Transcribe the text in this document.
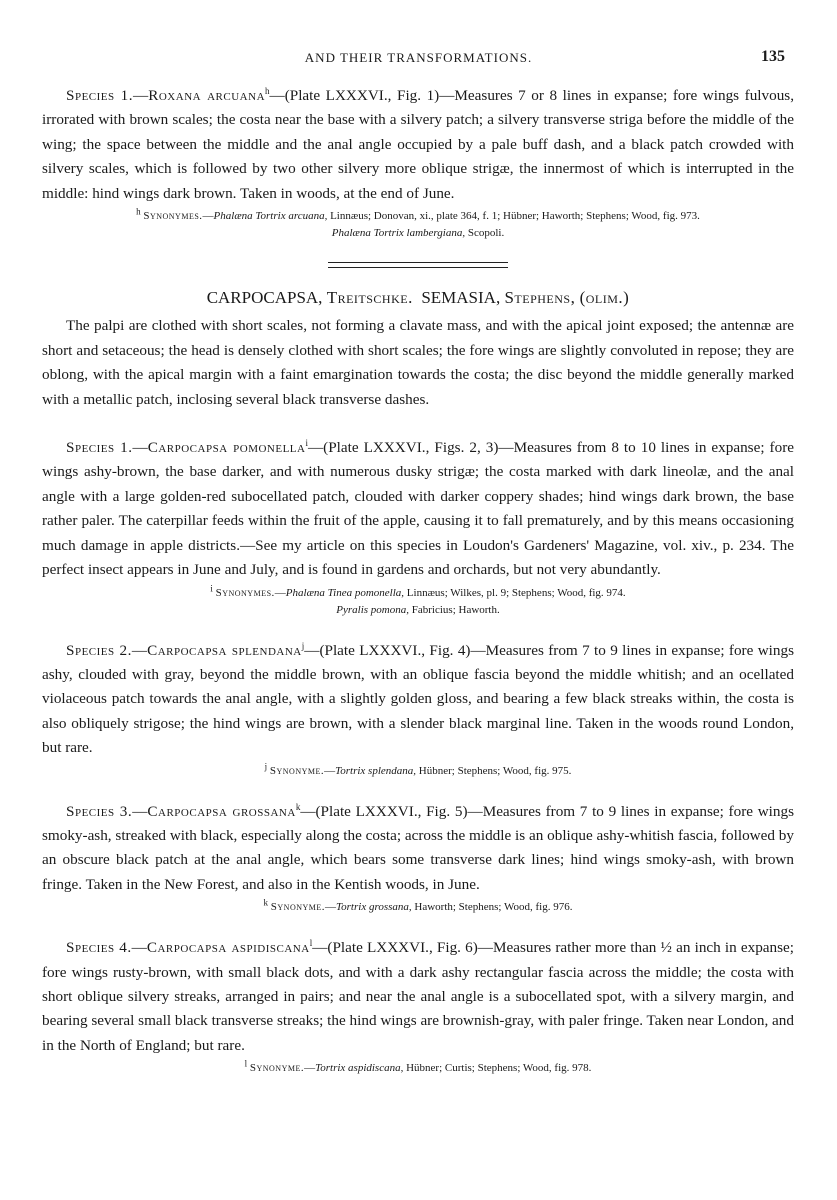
AND THEIR TRANSFORMATIONS.	135

Species 1.—Roxana arcuana$^h$—(Plate LXXXVI., Fig. 1)—Measures 7 or 8 lines in expanse; fore wings fulvous, irrorated with brown scales; the costa near the base with a silvery patch; a silvery transverse striga before the middle of the wing; the space between the middle and the anal angle occupied by a pale buff dash, and a black patch crowded with silvery scales, which is followed by two other silvery more oblique strigæ, the innermost of which is interrupted in the middle: hind wings dark brown. Taken in woods, at the end of June.

$^h$ Synonymes.—Phalæna Tortrix arcuana, Linnæus; Donovan, xi., plate 364, f. 1; Hübner; Haworth; Stephens; Wood, fig. 973.
Phalæna Tortrix lambergiana, Scopoli.
CARPOCAPSA, Treitschke. SEMASIA, Stephens, (olim.)

The palpi are clothed with short scales, not forming a clavate mass, and with the apical joint exposed; the antennæ are short and setaceous; the head is densely clothed with short scales; the fore wings are slightly convoluted in repose; they are oblong, with the apical margin with a faint emargination towards the costa; the disc beyond the middle generally marked with a metallic patch, inclosing several black transverse dashes.

Species 1.—Carpocapsa pomonella$^i$—(Plate LXXXVI., Figs. 2, 3)—Measures from 8 to 10 lines in expanse; fore wings ashy-brown, the base darker, and with numerous dusky strigæ; the costa marked with dark lineolæ, and the anal angle with a large golden-red subocellated patch, clouded with darker coppery shades; hind wings dark brown, the base rather paler. The caterpillar feeds within the fruit of the apple, causing it to fall prematurely, and by this means occasioning much damage in apple districts.—See my article on this species in Loudon's Gardeners' Magazine, vol. xiv., p. 234. The perfect insect appears in June and July, and is found in gardens and orchards, but not very abundantly.

$^i$ Synonymes.—Phalæna Tinea pomonella, Linnæus; Wilkes, pl. 9; Stephens; Wood, fig. 974.
Pyralis pomona, Fabricius; Haworth.

Species 2.—Carpocapsa splendana$^j$—(Plate LXXXVI., Fig. 4)—Measures from 7 to 9 lines in expanse; fore wings ashy, clouded with gray, beyond the middle brown, with an oblique fascia beyond the middle whitish; and an ocellated violaceous patch towards the anal angle, with a slightly golden gloss, and bearing a few black streaks within, the costa is also obliquely strigose; the hind wings are brown, with a slender black marginal line. Taken in the woods round London, but rare.

$^j$ Synonyme.—Tortrix splendana, Hübner; Stephens; Wood, fig. 975.

Species 3.—Carpocapsa grossana$^k$—(Plate LXXXVI., Fig. 5)—Measures from 7 to 9 lines in expanse; fore wings smoky-ash, streaked with black, especially along the costa; across the middle is an oblique ashy-whitish fascia, followed by an obscure black patch at the anal angle, which bears some transverse dark lines; hind wings smoky-ash, with brown fringe. Taken in the New Forest, and also in the Kentish woods, in June.

$^k$ Synonyme.—Tortrix grossana, Haworth; Stephens; Wood, fig. 976.

Species 4.—Carpocapsa aspidiscana$^l$—(Plate LXXXVI., Fig. 6)—Measures rather more than ½ an inch in expanse; fore wings rusty-brown, with small black dots, and with a dark ashy rectangular fascia across the middle; the costa with short oblique silvery streaks, arranged in pairs; and near the anal angle is a subocellated spot, with a silvery margin, and bearing several small black transverse streaks; the hind wings are brownish-gray, with paler fringe. Taken near London, and in the North of England; but rare.

$^l$ Synonyme.—Tortrix aspidiscana, Hübner; Curtis; Stephens; Wood, fig. 978.
